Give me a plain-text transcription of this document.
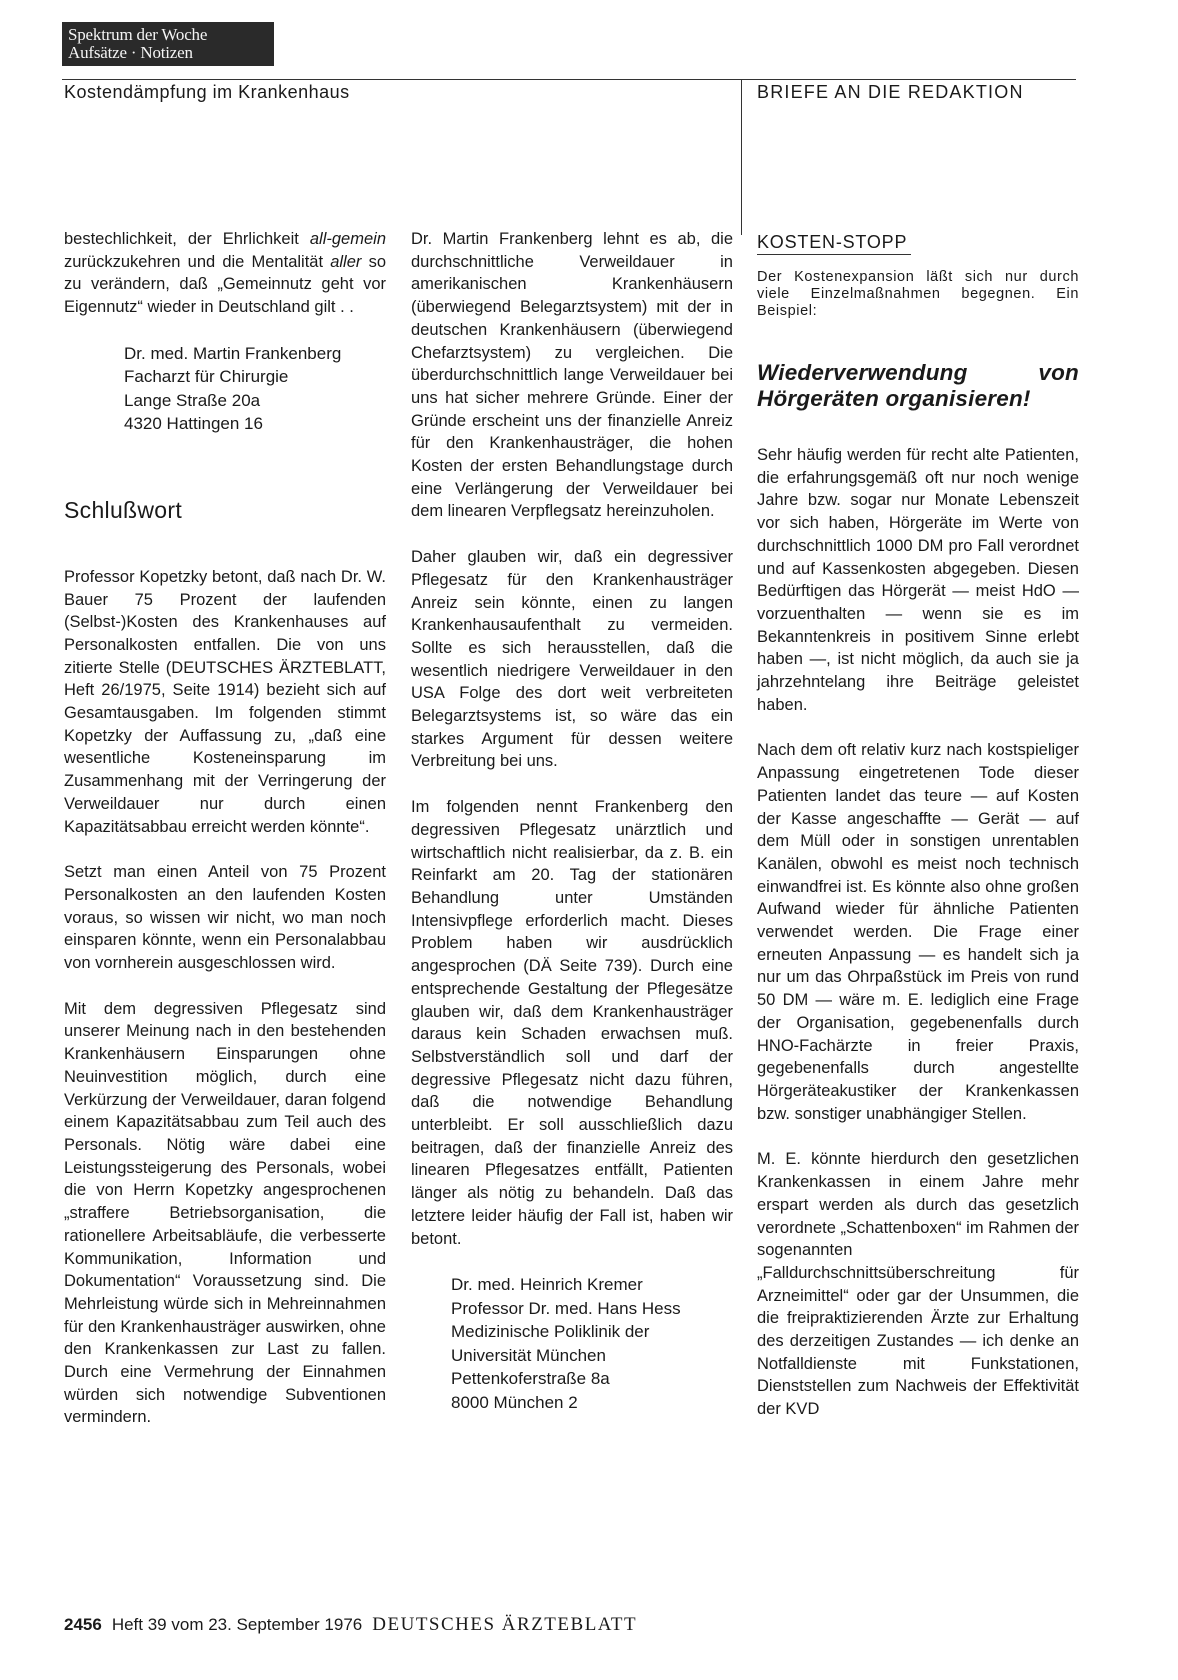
Spektrum der Woche
Aufsätze · Notizen
Kostendämpfung im Krankenhaus	BRIEFE AN DIE REDAKTION

bestechlichkeit, der Ehrlichkeit all-gemein zurückzukehren und die Mentalität aller so zu verändern, daß „Gemeinnutz geht vor Eigennutz“ wieder in Deutschland gilt . .

Dr. med. Martin Frankenberg
Facharzt für Chirurgie
Lange Straße 20a
4320 Hattingen 16
Schlußwort

Professor Kopetzky betont, daß nach Dr. W. Bauer 75 Prozent der laufenden (Selbst-)Kosten des Krankenhauses auf Personalkosten entfallen. Die von uns zitierte Stelle (DEUTSCHES ÄRZTEBLATT, Heft 26/1975, Seite 1914) bezieht sich auf Gesamtausgaben. Im folgenden stimmt Kopetzky der Auffassung zu, „daß eine wesentliche Kosteneinsparung im Zusammenhang mit der Verringerung der Verweildauer nur durch einen Kapazitätsabbau erreicht werden könnte“.

Setzt man einen Anteil von 75 Prozent Personalkosten an den laufenden Kosten voraus, so wissen wir nicht, wo man noch einsparen könnte, wenn ein Personalabbau von vornherein ausgeschlossen wird.

Mit dem degressiven Pflegesatz sind unserer Meinung nach in den bestehenden Krankenhäusern Einsparungen ohne Neuinvestition möglich, durch eine Verkürzung der Verweildauer, daran folgend einem Kapazitätsabbau zum Teil auch des Personals. Nötig wäre dabei eine Leistungssteigerung des Personals, wobei die von Herrn Kopetzky angesprochenen „straffere Betriebsorganisation, die rationellere Arbeitsabläufe, die verbesserte Kommunikation, Information und Dokumentation“ Voraussetzung sind. Die Mehrleistung würde sich in Mehreinnahmen für den Krankenhausträger auswirken, ohne den Krankenkassen zur Last zu fallen. Durch eine Vermehrung der Einnahmen würden sich notwendige Subventionen vermindern.

Dr. Martin Frankenberg lehnt es ab, die durchschnittliche Verweildauer in amerikanischen Krankenhäusern (überwiegend Belegarztsystem) mit der in deutschen Krankenhäusern (überwiegend Chefarztsystem) zu vergleichen. Die überdurchschnittlich lange Verweildauer bei uns hat sicher mehrere Gründe. Einer der Gründe erscheint uns der finanzielle Anreiz für den Krankenhausträger, die hohen Kosten der ersten Behandlungstage durch eine Verlängerung der Verweildauer bei dem linearen Verpflegsatz hereinzuholen.

Daher glauben wir, daß ein degressiver Pflegesatz für den Krankenhausträger Anreiz sein könnte, einen zu langen Krankenhausaufenthalt zu vermeiden. Sollte es sich herausstellen, daß die wesentlich niedrigere Verweildauer in den USA Folge des dort weit verbreiteten Belegarztsystems ist, so wäre das ein starkes Argument für dessen weitere Verbreitung bei uns.

Im folgenden nennt Frankenberg den degressiven Pflegesatz unärztlich und wirtschaftlich nicht realisierbar, da z. B. ein Reinfarkt am 20. Tag der stationären Behandlung unter Umständen Intensivpflege erforderlich macht. Dieses Problem haben wir ausdrücklich angesprochen (DÄ Seite 739). Durch eine entsprechende Gestaltung der Pflegesätze glauben wir, daß dem Krankenhausträger daraus kein Schaden erwachsen muß. Selbstverständlich soll und darf der degressive Pflegesatz nicht dazu führen, daß die notwendige Behandlung unterbleibt. Er soll ausschließlich dazu beitragen, daß der finanzielle Anreiz des linearen Pflegesatzes entfällt, Patienten länger als nötig zu behandeln. Daß das letztere leider häufig der Fall ist, haben wir betont.

Dr. med. Heinrich Kremer
Professor Dr. med. Hans Hess
Medizinische Poliklinik der
Universität München
Pettenkoferstraße 8a
8000 München 2
KOSTEN-STOPP
Der Kostenexpansion läßt sich nur durch viele Einzelmaßnahmen begegnen. Ein Beispiel:
Wiederverwendung von Hörgeräten organisieren!

Sehr häufig werden für recht alte Patienten, die erfahrungsgemäß oft nur noch wenige Jahre bzw. sogar nur Monate Lebenszeit vor sich haben, Hörgeräte im Werte von durchschnittlich 1000 DM pro Fall verordnet und auf Kassenkosten abgegeben. Diesen Bedürftigen das Hörgerät — meist HdO — vorzuenthalten — wenn sie es im Bekanntenkreis in positivem Sinne erlebt haben —, ist nicht möglich, da auch sie ja jahrzehntelang ihre Beiträge geleistet haben.

Nach dem oft relativ kurz nach kostspieliger Anpassung eingetretenen Tode dieser Patienten landet das teure — auf Kosten der Kasse angeschaffte — Gerät — auf dem Müll oder in sonstigen unrentablen Kanälen, obwohl es meist noch technisch einwandfrei ist. Es könnte also ohne großen Aufwand wieder für ähnliche Patienten verwendet werden. Die Frage einer erneuten Anpassung — es handelt sich ja nur um das Ohrpaßstück im Preis von rund 50 DM — wäre m. E. lediglich eine Frage der Organisation, gegebenenfalls durch HNO-Fachärzte in freier Praxis, gegebenenfalls durch angestellte Hörgeräteakustiker der Krankenkassen bzw. sonstiger unabhängiger Stellen.

M. E. könnte hierdurch den gesetzlichen Krankenkassen in einem Jahre mehr erspart werden als durch das gesetzlich verordnete „Schattenboxen“ im Rahmen der sogenannten „Falldurchschnittsüberschreitung für Arzneimittel“ oder gar der Unsummen, die die freipraktizierenden Ärzte zur Erhaltung des derzeitigen Zustandes — ich denke an Notfalldienste mit Funkstationen, Dienststellen zum Nachweis der Effektivität der KVD

2456 Heft 39 vom 23. September 1976 DEUTSCHES ÄRZTEBLATT
